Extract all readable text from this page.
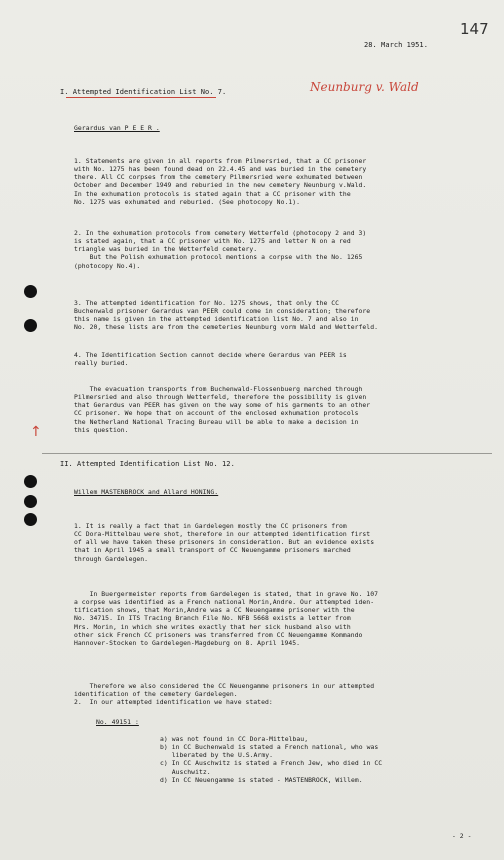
147
28. March 1951.
I. Attempted Identification List No. 7.	Neunburg v. Wald
Gerardus van P E E R .

1. Statements are given in all reports from Pilmersried, that a CC prisoner
with No. 1275 has been found dead on 22.4.45 and was buried in the cemetery
there. All CC corpses from the cemetery Pilmersried were exhumated between
October and December 1949 and reburied in the new cemetery Neunburg v.Wald.
In the exhumation protocols is stated again that a CC prisoner with the
No. 1275 was exhumated and reburied. (See photocopy No.1).

2. In the exhumation protocols from cemetery Wetterfeld (photocopy 2 and 3)
is stated again, that a CC prisoner with No. 1275 and letter N on a red
triangle was buried in the Wetterfeld cemetery.
But the Polish exhumation protocol mentions a corpse with the No. 1265
(photocopy No.4).

3. The attempted identification for No. 1275 shows, that only the CC
Buchenwald prisoner Gerardus van PEER could come in consideration; therefore
this name is given in the attempted identification list No. 7 and also in
No. 20, these lists are from the cemeteries Neunburg vorm Wald and Wetterfeld.

4. The Identification Section cannot decide where Gerardus van PEER is
really buried.

The evacuation transports from Buchenwald-Flossenbuerg marched through
Pilmersried and also through Wetterfeld, therefore the possibility is given
that Gerardus van PEER has given on the way some of his garments to an other
CC prisoner. We hope that on account of the enclosed exhumation protocols
the Netherland National Tracing Bureau will be able to make a decision in
this question.

↑
II. Attempted Identification List No. 12.
Willem MASTENBROCK and Allard HONING.

1. It is really a fact that in Gardelegen mostly the CC prisoners from
CC Dora-Mittelbau were shot, therefore in our attempted identification first
of all we have taken these prisoners in consideration. But an evidence exists
that in April 1945 a small transport of CC Neuengamme prisoners marched
through Gardelegen.

In Buergermeister reports from Gardelegen is stated, that in grave No. 107
a corpse was identified as a French national Morin,Andre. Our attempted iden-
tification shows, that Morin,Andre was a CC Neuengamme prisoner with the
No. 34715. In ITS Tracing Branch File No. NFB 5668 exists a letter from
Mrs. Morin, in which she writes exactly that her sick husband also with
other sick French CC prisoners was transferred from CC Neuengamme Kommando
Hannover-Stocken to Gardelegen-Magdeburg on 8. April 1945.

Therefore we also considered the CC Neuengamme prisoners in our attempted
identification of the cemetery Gardelegen.

2.  In our attempted identification we have stated:
No. 49151 :

a) was not found in CC Dora-Mittelbau,
b) in CC Buchenwald is stated a French national, who was
liberated by the U.S.Army.
c) In CC Auschwitz is stated a French Jew, who died in CC
Auschwitz.
d) In CC Neuengamme is stated - MASTENBROCK, Willem.

- 2 -
